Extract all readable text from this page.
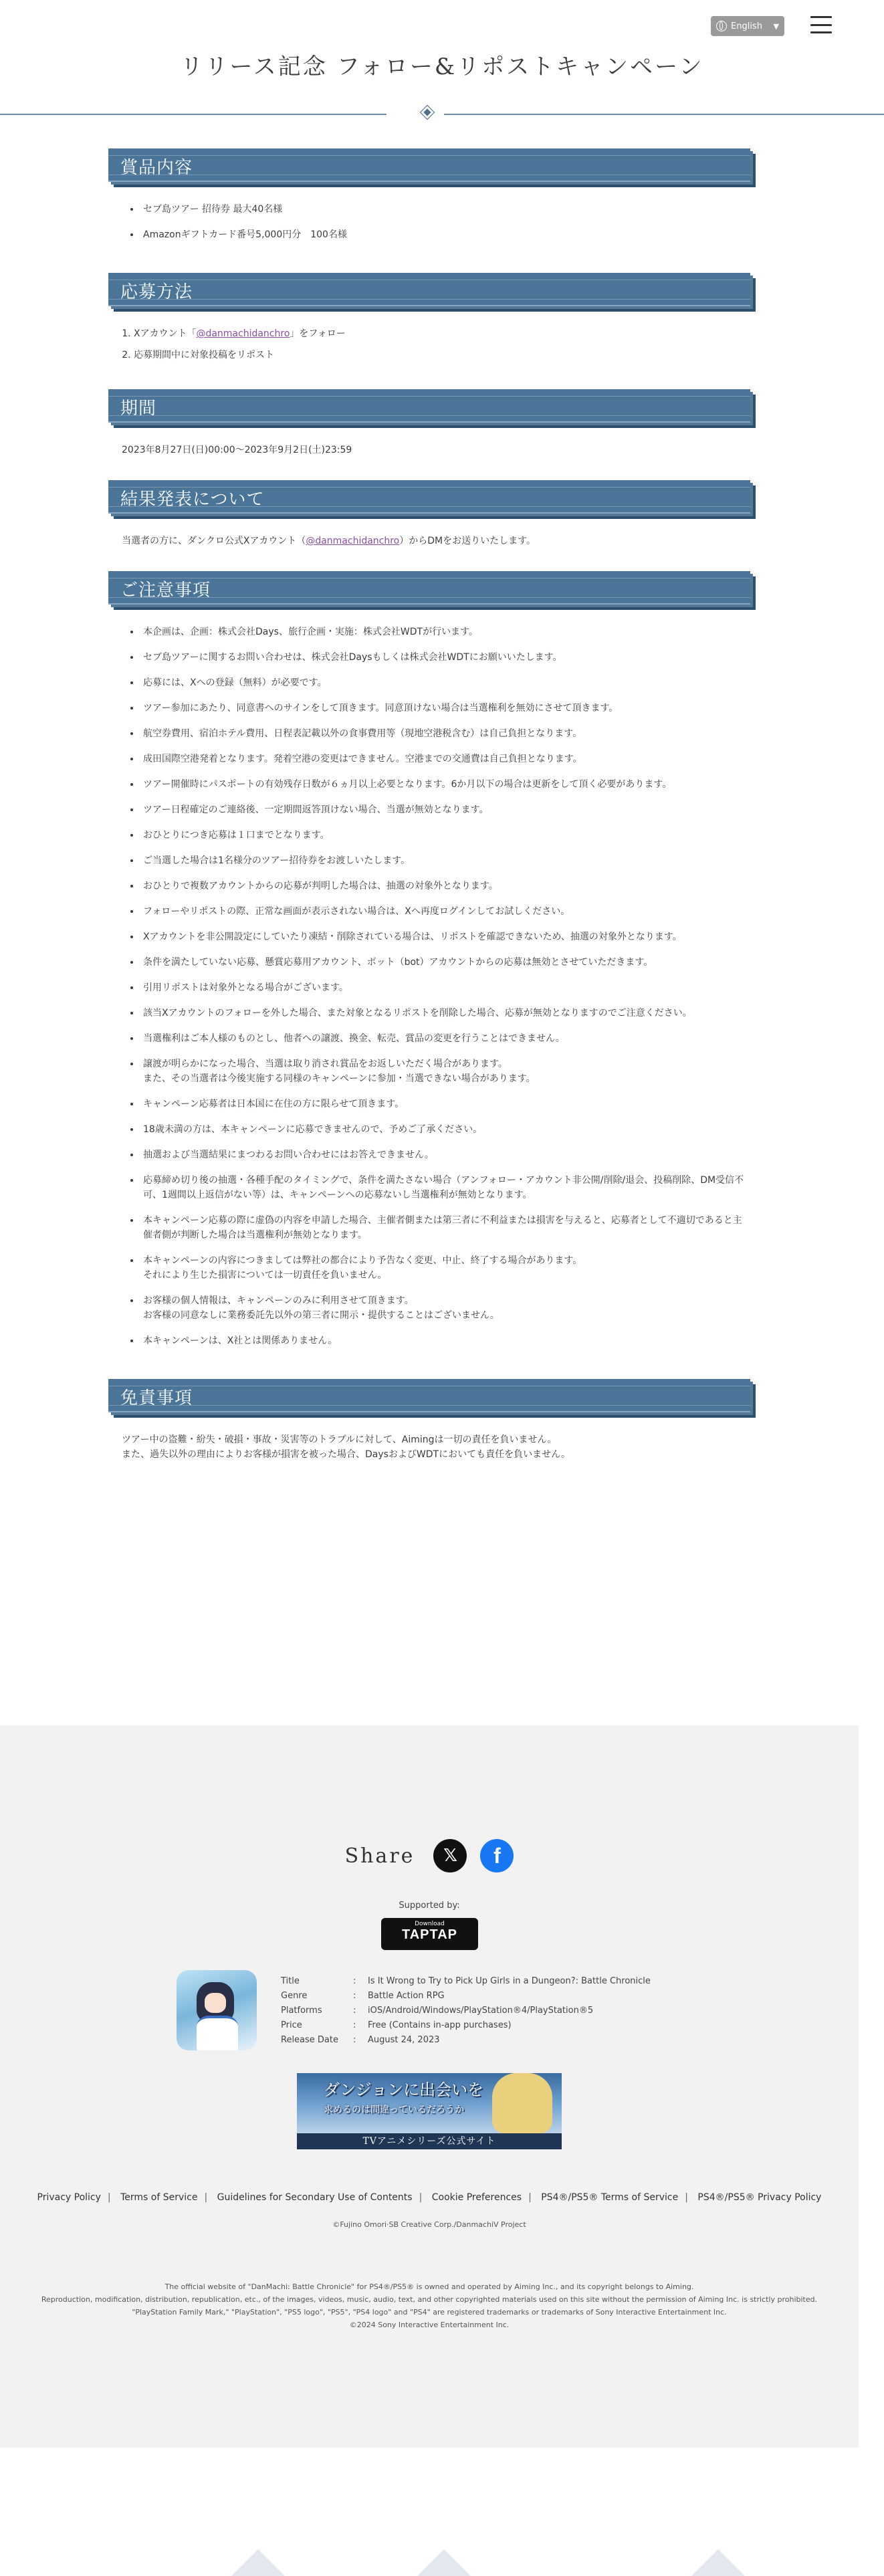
English ▼
リリース記念 フォロー&リポストキャンペーン
賞品内容
• セブ島ツアー 招待券 最大40名様
• Amazonギフトカード番号5,000円分　100名様
応募方法
1. Xアカウント「@danmachidanchro」をフォロー
2. 応募期間中に対象投稿をリポスト
期間

2023年8月27日(日)00:00〜2023年9月2日(土)23:59

結果発表について

当選者の方に、ダンクロ公式Xアカウント（@danmachidanchro）からDMをお送りいたします。

ご注意事項
• 本企画は、企画：株式会社Days、旅行企画・実施：株式会社WDTが行います。
• セブ島ツアーに関するお問い合わせは、株式会社Daysもしくは株式会社WDTにお願いいたします。
• 応募には、Xへの登録（無料）が必要です。
• ツアー参加にあたり、同意書へのサインをして頂きます。同意頂けない場合は当選権利を無効にさせて頂きます。
• 航空券費用、宿泊ホテル費用、日程表記載以外の食事費用等（現地空港税含む）は自己負担となります。
• 成田国際空港発着となります。発着空港の変更はできません。空港までの交通費は自己負担となります。
• ツアー開催時にパスポートの有効残存日数が６ヵ月以上必要となります。6か月以下の場合は更新をして頂く必要があります。
• ツアー日程確定のご連絡後、一定期間返答頂けない場合、当選が無効となります。
• おひとりにつき応募は１口までとなります。
• ご当選した場合は1名様分のツアー招待券をお渡しいたします。
• おひとりで複数アカウントからの応募が判明した場合は、抽選の対象外となります。
• フォローやリポストの際、正常な画面が表示されない場合は、Xへ再度ログインしてお試しください。
• Xアカウントを非公開設定にしていたり凍結・削除されている場合は、リポストを確認できないため、抽選の対象外となります。
• 条件を満たしていない応募、懸賞応募用アカウント、ボット（bot）アカウントからの応募は無効とさせていただきます。
• 引用リポストは対象外となる場合がございます。
• 該当Xアカウントのフォローを外した場合、また対象となるリポストを削除した場合、応募が無効となりますのでご注意ください。
• 当選権利はご本人様のものとし、他者への譲渡、換金、転売、賞品の変更を行うことはできません。
• 譲渡が明らかになった場合、当選は取り消され賞品をお返しいただく場合があります。
また、その当選者は今後実施する同様のキャンペーンに参加・当選できない場合があります。
• キャンペーン応募者は日本国に在住の方に限らせて頂きます。
• 18歳未満の方は、本キャンペーンに応募できませんので、予めご了承ください。
• 抽選および当選結果にまつわるお問い合わせにはお答えできません。
• 応募締め切り後の抽選・各種手配のタイミングで、条件を満たさない場合（アンフォロー・アカウント非公開/削除/退会、投稿削除、DM受信不可、1週間以上返信がない等）は、キャンペーンへの応募ないし当選権利が無効となります。
• 本キャンペーン応募の際に虚偽の内容を申請した場合、主催者側または第三者に不利益または損害を与えると、応募者として不適切であると主催者側が判断した場合は当選権利が無効となります。
• 本キャンペーンの内容につきましては弊社の都合により予告なく変更、中止、終了する場合があります。
それにより生じた損害については一切責任を負いません。
• お客様の個人情報は、キャンペーンのみに利用させて頂きます。
お客様の同意なしに業務委託先以外の第三者に開示・提供することはございません。
• 本キャンペーンは、X社とは関係ありません。
免責事項

ツアー中の盗難・紛失・破損・事故・災害等のトラブルに対して、Aimingは一切の責任を負いません。
また、過失以外の理由によりお客様が損害を被った場合、DaysおよびWDTにおいても責任を負いません。

Share	𝕏	f
Supported by:
Download
TAPTAP
Title	:	Is It Wrong to Try to Pick Up Girls in a Dungeon?: Battle Chronicle
Genre	:	Battle Action RPG
Platforms	:	iOS/Android/Windows/PlayStation®4/PlayStation®5
Price	:	Free (Contains in-app purchases)
Release Date	:	August 24, 2023
ダンジョンに出会いを
求めるのは間違っているだろうか
TVアニメシリーズ公式サイト
Privacy Policy | Terms of Service | Guidelines for Secondary Use of Contents | Cookie Preferences | PS4®/PS5® Terms of Service | PS4®/PS5® Privacy Policy
©Fujino Omori·SB Creative Corp./DanmachiⅤ Project
The official website of "DanMachi: Battle Chronicle" for PS4®/PS5® is owned and operated by Aiming Inc., and its copyright belongs to Aiming.
Reproduction, modification, distribution, republication, etc., of the images, videos, music, audio, text, and other copyrighted materials used on this site without the permission of Aiming Inc. is strictly prohibited.
"PlayStation Family Mark," "PlayStation", "PS5 logo", "PS5", "PS4 logo" and "PS4" are registered trademarks or trademarks of Sony Interactive Entertainment Inc.
©2024 Sony Interactive Entertainment Inc.
